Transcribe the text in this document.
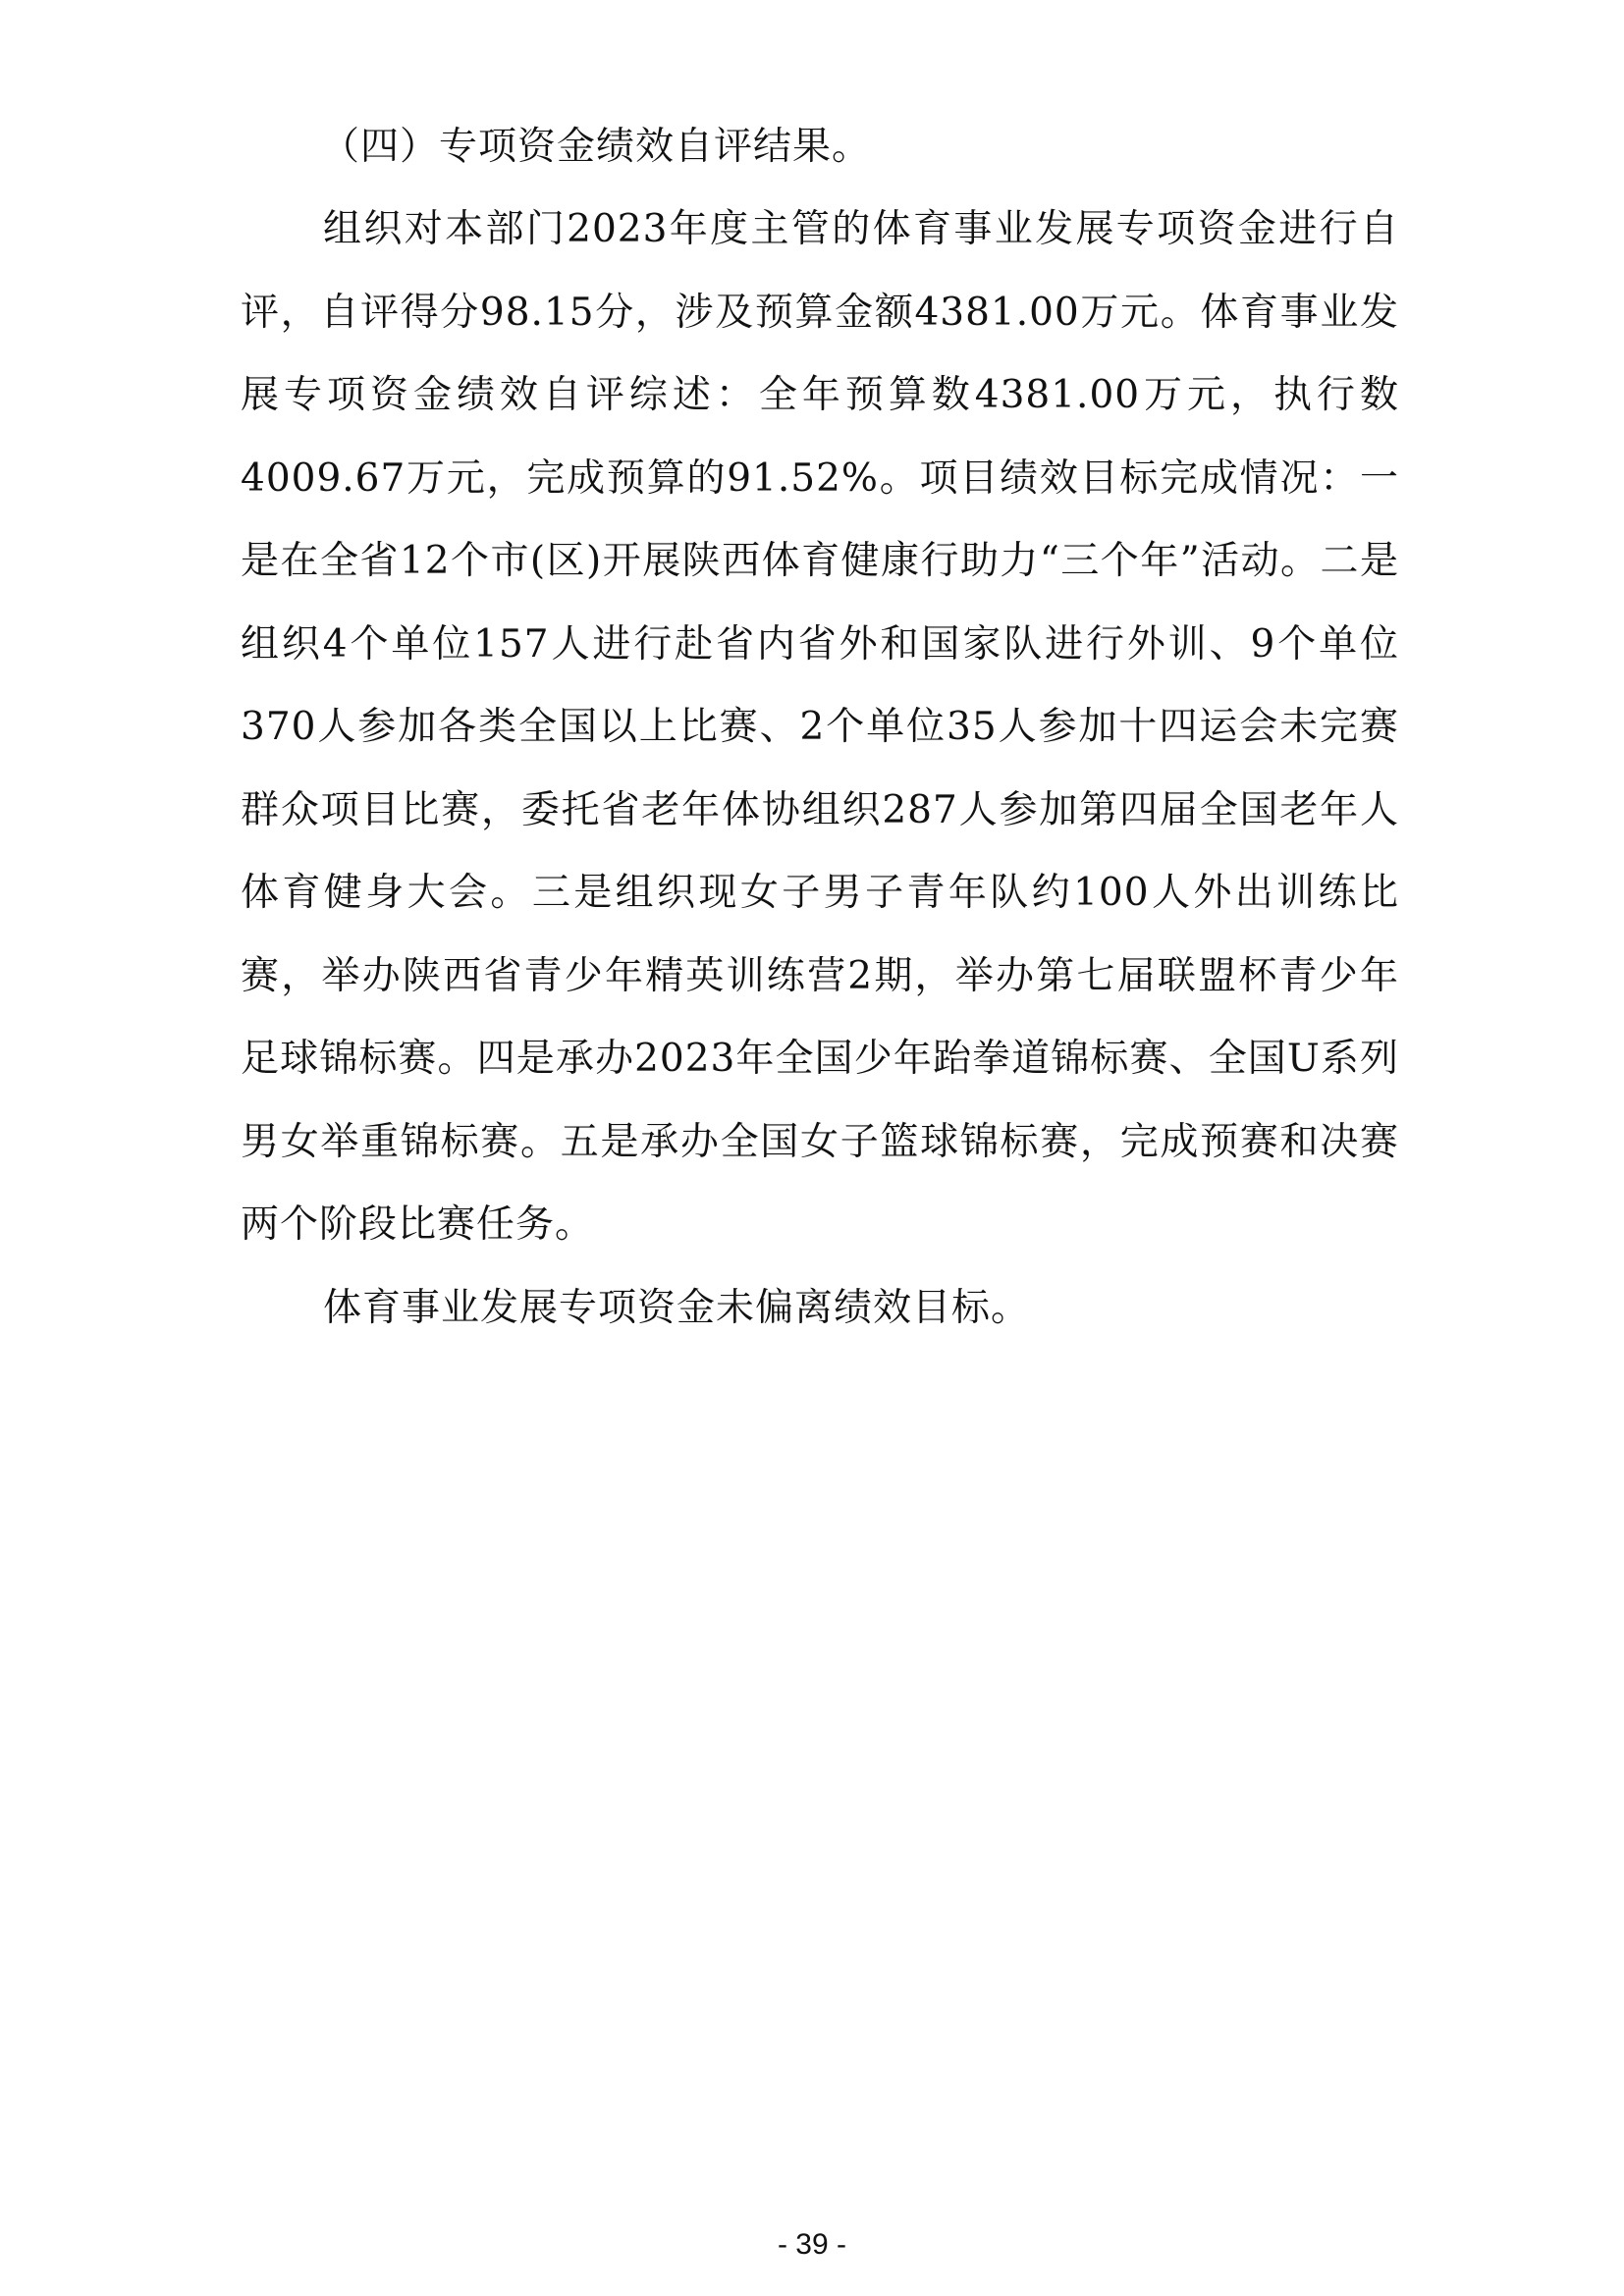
（四）专项资金绩效自评结果。

组织对本部门2023年度主管的体育事业发展专项资金进行自评，自评得分98.15分，涉及预算金额4381.00万元。体育事业发展专项资金绩效自评综述：全年预算数4381.00万元，执行数4009.67万元，完成预算的91.52%。项目绩效目标完成情况：一是在全省12个市(区)开展陕西体育健康行助力“三个年”活动。二是组织4个单位157人进行赴省内省外和国家队进行外训、9个单位370人参加各类全国以上比赛、2个单位35人参加十四运会未完赛群众项目比赛，委托省老年体协组织287人参加第四届全国老年人体育健身大会。三是组织现女子男子青年队约100人外出训练比赛，举办陕西省青少年精英训练营2期，举办第七届联盟杯青少年足球锦标赛。四是承办2023年全国少年跆拳道锦标赛、全国U系列男女举重锦标赛。五是承办全国女子篮球锦标赛，完成预赛和决赛两个阶段比赛任务。

体育事业发展专项资金未偏离绩效目标。

- 39 -
